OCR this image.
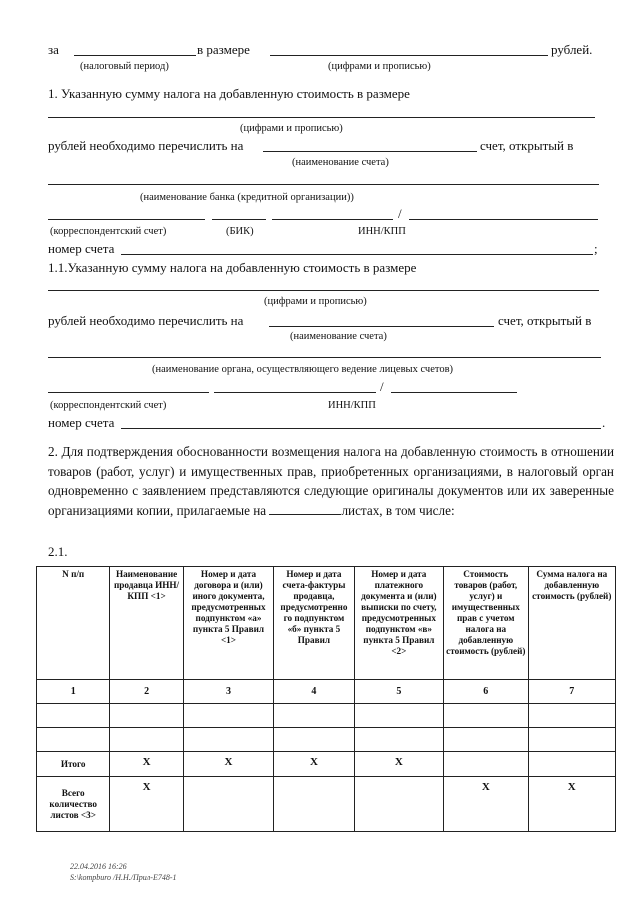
за	в размере	рублей.
(налоговый период)	(цифрами и прописью)
1. Указанную сумму налога на добавленную стоимость в размере
(цифрами и прописью)
рублей необходимо перечислить на	счет, открытый в
(наименование счета)
(наименование банка (кредитной организации))
/
(корреспондентский счет)	(БИК)	ИНН/КПП
номер счета	;
1.1.Указанную сумму налога на добавленную стоимость в размере
(цифрами и прописью)
рублей необходимо перечислить на	счет, открытый в
(наименование счета)
(наименование органа, осуществляющего ведение лицевых счетов)
/
(корреспондентский счет)	ИНН/КПП
номер счета	.
2. Для подтверждения обоснованности возмещения налога на добавленную стоимость в отношении товаров (работ, услуг) и имущественных прав, приобретенных организациями, в налоговый орган одновременно с заявлением представляются следующие оригиналы документов или их заверенные организациями копии, прилагаемые на	листах, в том числе:
2.1.
N п/п	Наименование продавца ИНН/КПП <1>	Номер и дата договора и (или) иного документа, предусмотренных подпунктом «а» пункта 5 Правил <1>	Номер и дата счета-фактуры продавца, предусмотренно го подпунктом «б» пункта 5 Правил	Номер и дата платежного документа и (или) выписки по счету, предусмотренных подпунктом «в» пункта 5 Правил <2>	Стоимость товаров (работ, услуг) и имущественных прав с учетом налога на добавленную стоимость (рублей)	Сумма налога на добавленную стоимость (рублей)
1	2	3	4	5	6	7

Итого	Х	Х	Х	Х		
Всего количество листов <3>	Х				Х	Х
22.04.2016 16:26
S:\kompburo /Н.Н./Прил-Е748-1
